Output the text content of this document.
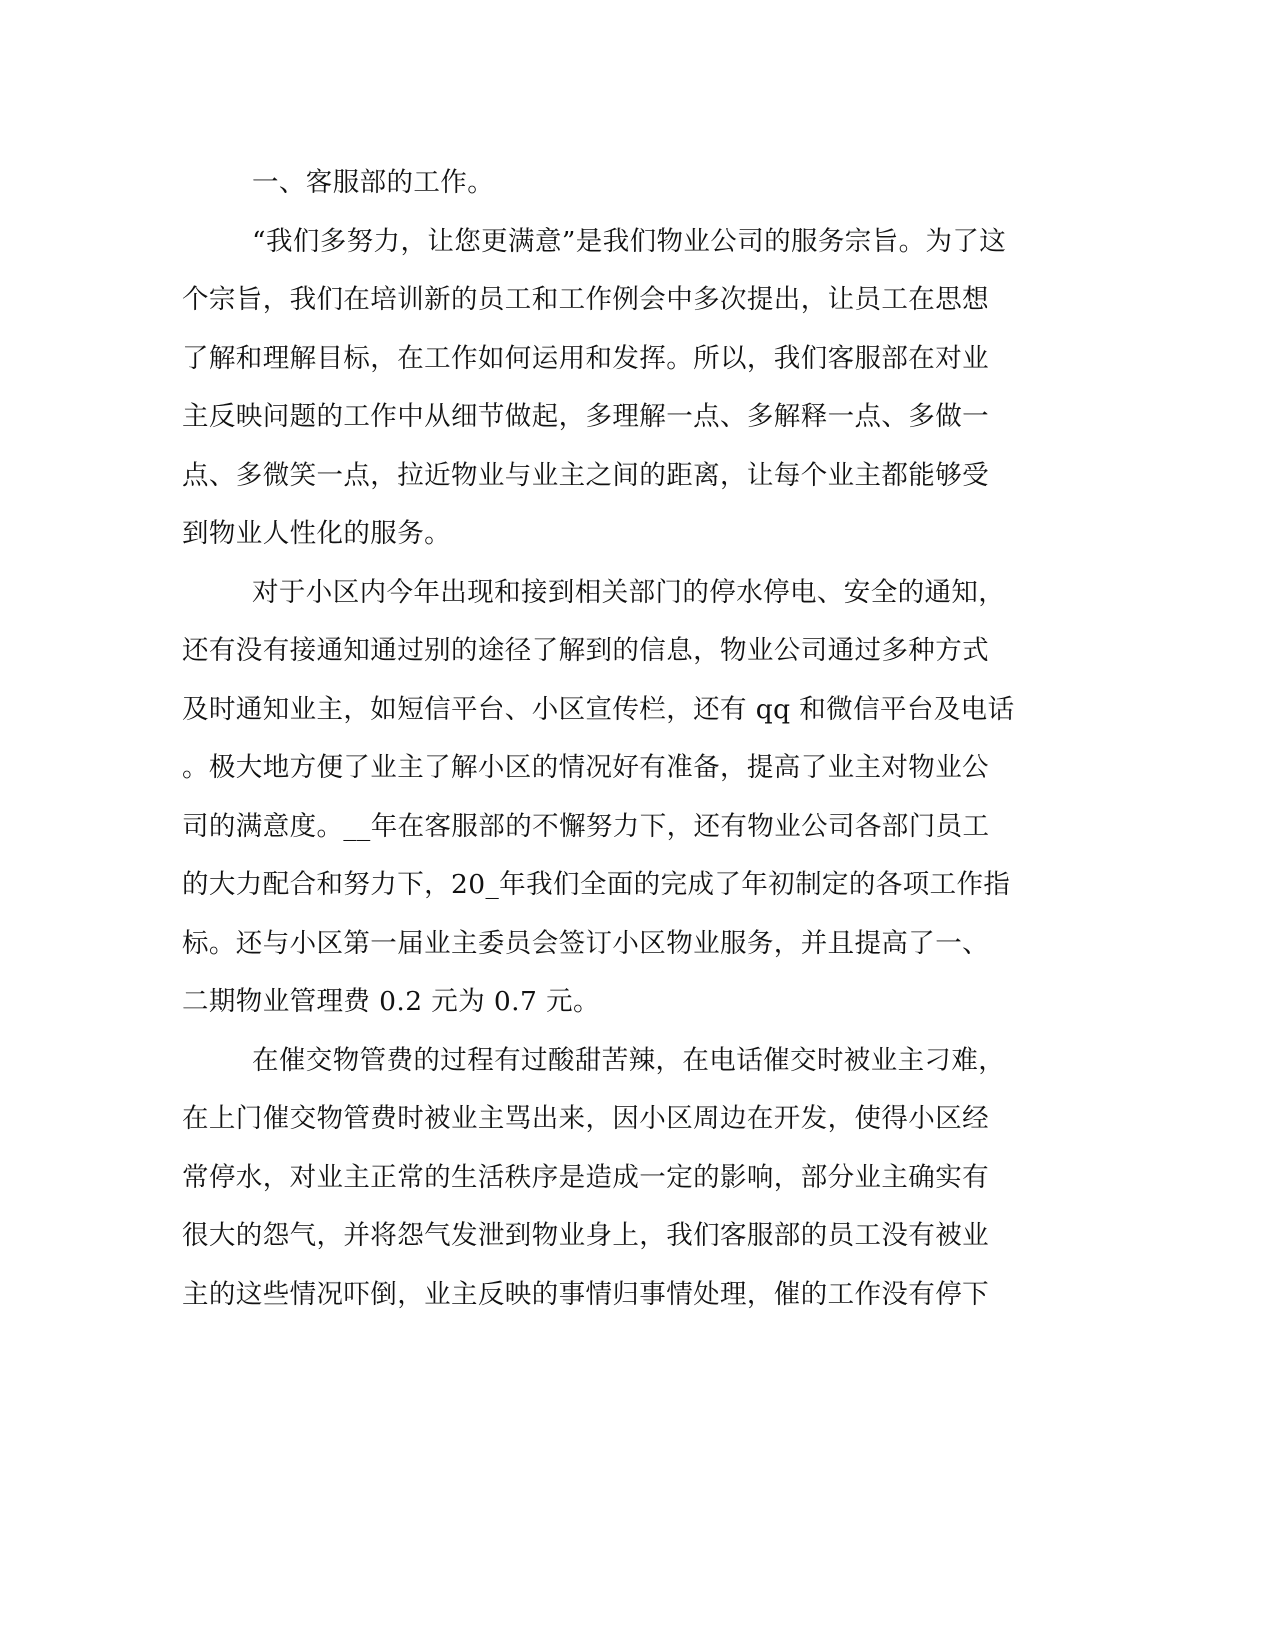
一、客服部的工作。
“我们多努力，让您更满意”是我们物业公司的服务宗旨。为了这
个宗旨，我们在培训新的员工和工作例会中多次提出，让员工在思想
了解和理解目标，在工作如何运用和发挥。所以，我们客服部在对业
主反映问题的工作中从细节做起，多理解一点、多解释一点、多做一
点、多微笑一点，拉近物业与业主之间的距离，让每个业主都能够受
到物业人性化的服务。
对于小区内今年出现和接到相关部门的停水停电、安全的通知，
还有没有接通知通过别的途径了解到的信息，物业公司通过多种方式
及时通知业主，如短信平台、小区宣传栏，还有 qq 和微信平台及电话
。极大地方便了业主了解小区的情况好有准备，提高了业主对物业公
司的满意度。__年在客服部的不懈努力下，还有物业公司各部门员工
的大力配合和努力下，20_年我们全面的完成了年初制定的各项工作指
标。还与小区第一届业主委员会签订小区物业服务，并且提高了一、
二期物业管理费 0.2 元为 0.7 元。
在催交物管费的过程有过酸甜苦辣，在电话催交时被业主刁难，
在上门催交物管费时被业主骂出来，因小区周边在开发，使得小区经
常停水，对业主正常的生活秩序是造成一定的影响，部分业主确实有
很大的怨气，并将怨气发泄到物业身上，我们客服部的员工没有被业
主的这些情况吓倒，业主反映的事情归事情处理，催的工作没有停下
